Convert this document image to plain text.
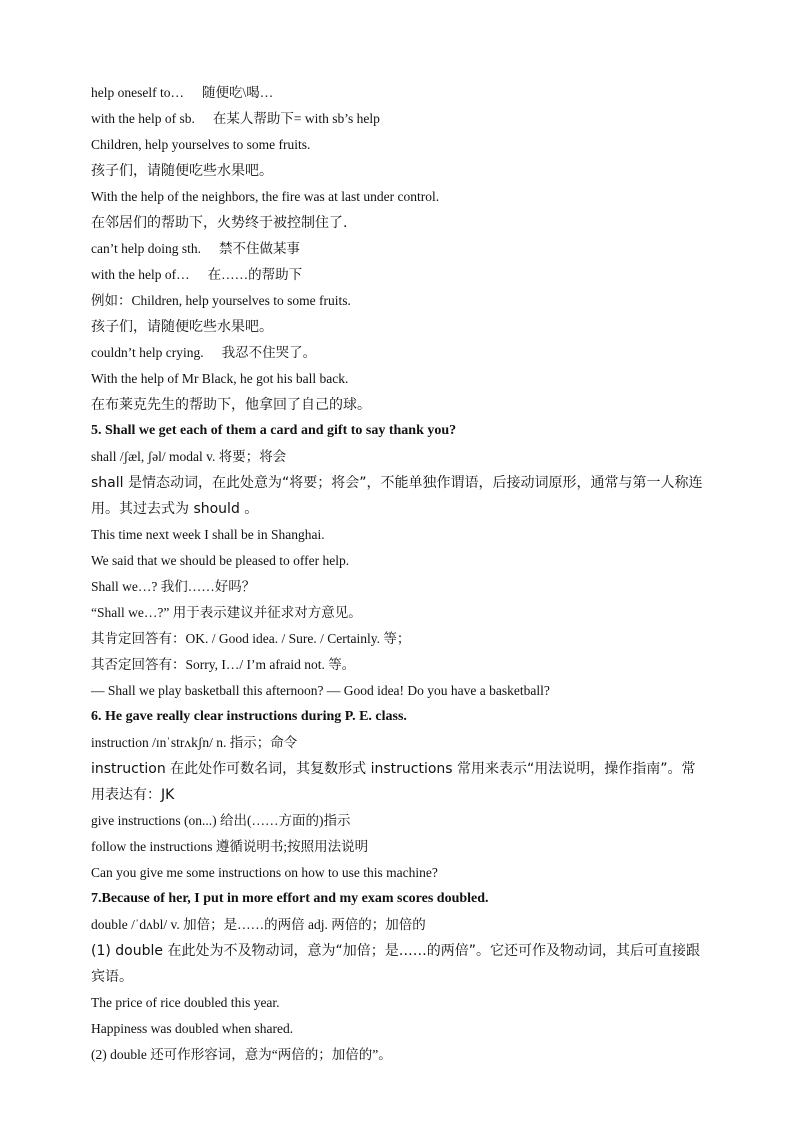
help oneself to… 随便吃\喝…
with the help of sb. 在某人帮助下= with sb’s help
Children, help yourselves to some fruits.
孩子们，请随便吃些水果吧。
With the help of the neighbors, the fire was at last under control.
在邻居们的帮助下，火势终于被控制住了.
can’t help doing sth. 禁不住做某事
with the help of… 在……的帮助下
例如：Children, help yourselves to some fruits.
孩子们，请随便吃些水果吧。
couldn’t help crying. 我忍不住哭了。
With the help of Mr Black, he got his ball back.
在布莱克先生的帮助下，他拿回了自己的球。
5. Shall we get each of them a card and gift to say thank you?
shall /ʃæl, ʃəl/ modal v. 将要；将会
shall 是情态动词，在此处意为“将要；将会”，不能单独作谓语，后接动词原形，通常与第一人称连用。其过去式为 should 。
This time next week I shall be in Shanghai.
We said that we should be pleased to offer help.
Shall we…? 我们……好吗？
“Shall we…?” 用于表示建议并征求对方意见。
其肯定回答有：OK. / Good idea. / Sure. / Certainly. 等；
其否定回答有：Sorry, I…/ I’m afraid not. 等。
— Shall we play basketball this afternoon? — Good idea! Do you have a basketball?
6. He gave really clear instructions during P. E. class.
instruction /ɪnˈstrʌkʃn/ n. 指示；命令
instruction 在此处作可数名词，其复数形式 instructions 常用来表示“用法说明，操作指南”。常用表达有：JK
give instructions (on...) 给出(……方面的)指示
follow the instructions 遵循说明书;按照用法说明
Can you give me some instructions on how to use this machine?
7.Because of her, I put in more effort and my exam scores doubled.
double /ˈdʌbl/ v. 加倍；是……的两倍 adj. 两倍的；加倍的
(1) double 在此处为不及物动词，意为“加倍；是……的两倍”。它还可作及物动词，其后可直接跟宾语。
The price of rice doubled this year.
Happiness was doubled when shared.
(2) double 还可作形容词，意为“两倍的；加倍的”。
